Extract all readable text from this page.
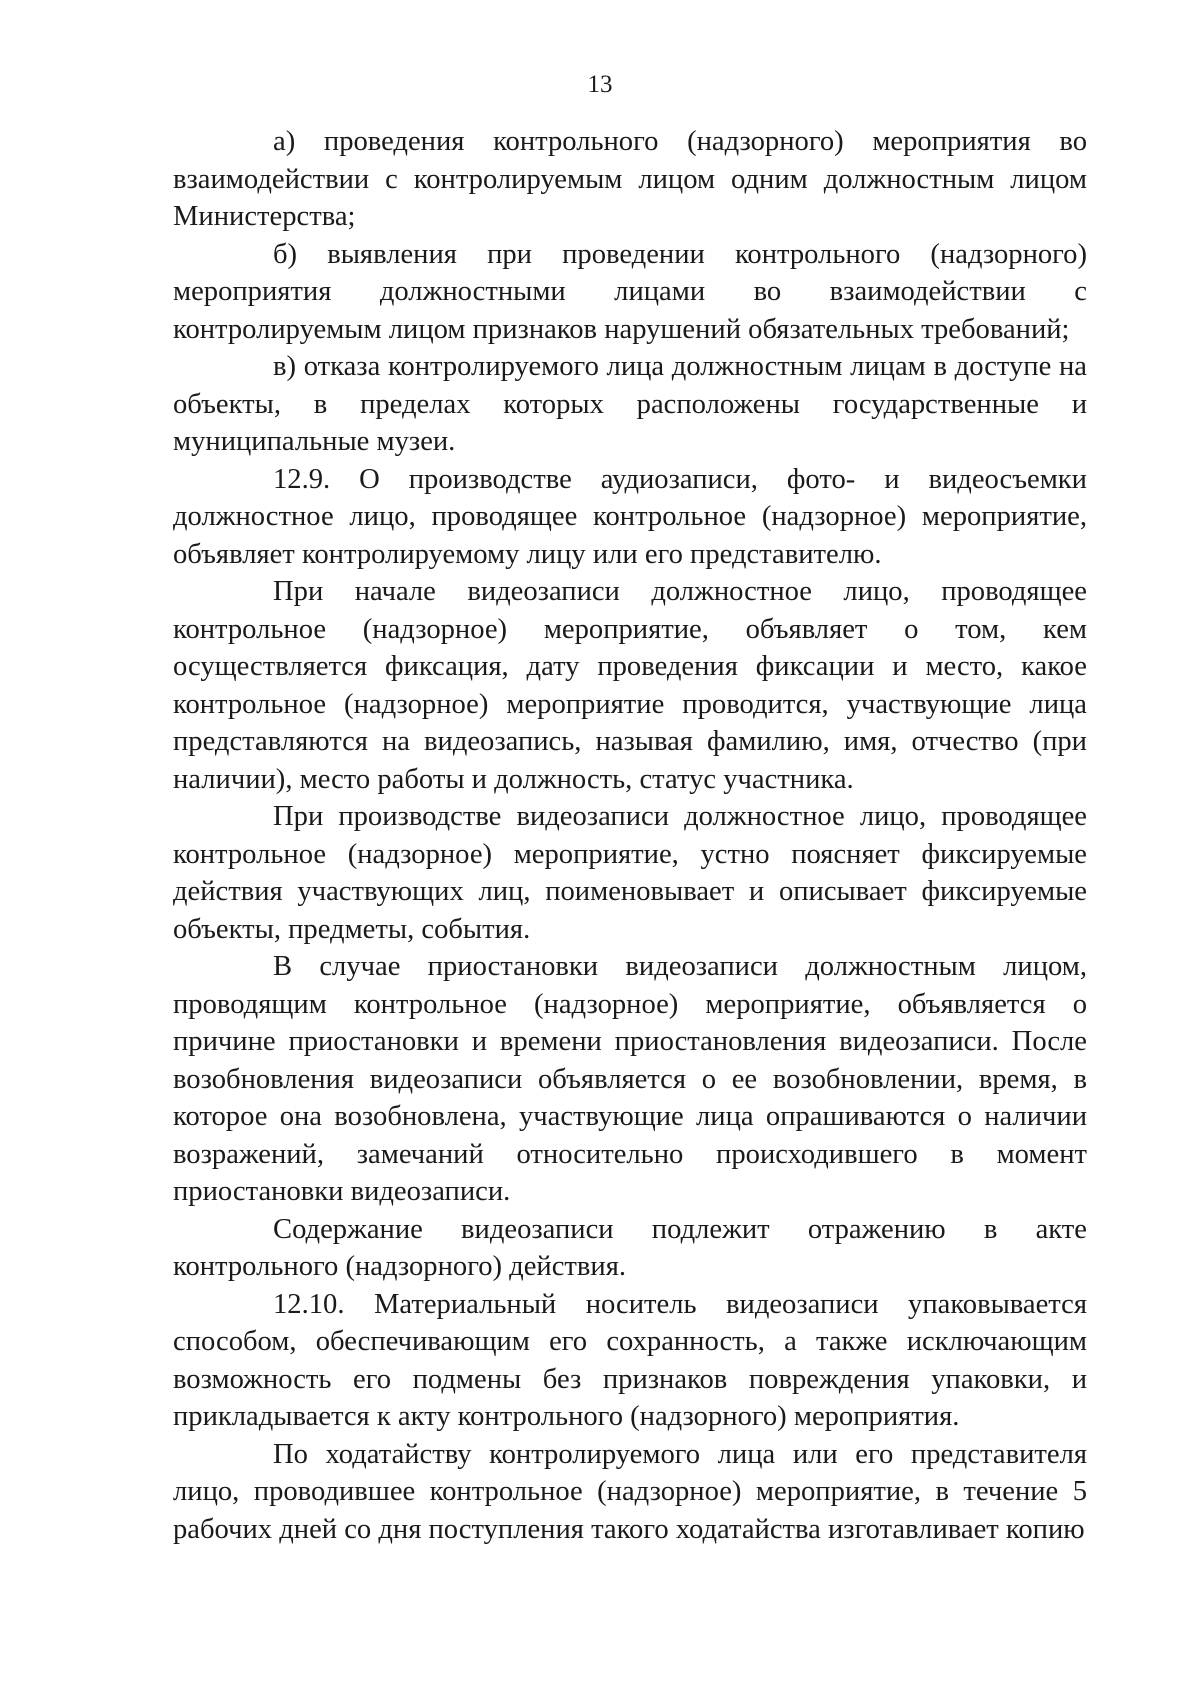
13

а) проведения контрольного (надзорного) мероприятия во взаимодействии с контролируемым лицом одним должностным лицом Министерства;

б) выявления при проведении контрольного (надзорного) мероприятия должностными лицами во взаимодействии с контролируемым лицом признаков нарушений обязательных требований;

в) отказа контролируемого лица должностным лицам в доступе на объекты, в пределах которых расположены государственные и муниципальные музеи.

12.9. О производстве аудиозаписи, фото- и видеосъемки должностное лицо, проводящее контрольное (надзорное) мероприятие, объявляет контролируемому лицу или его представителю.

При начале видеозаписи должностное лицо, проводящее контрольное (надзорное) мероприятие, объявляет о том, кем осуществляется фиксация, дату проведения фиксации и место, какое контрольное (надзорное) мероприятие проводится, участвующие лица представляются на видеозапись, называя фамилию, имя, отчество (при наличии), место работы и должность, статус участника.

При производстве видеозаписи должностное лицо, проводящее контрольное (надзорное) мероприятие, устно поясняет фиксируемые действия участвующих лиц, поименовывает и описывает фиксируемые объекты, предметы, события.

В случае приостановки видеозаписи должностным лицом, проводящим контрольное (надзорное) мероприятие, объявляется о причине приостановки и времени приостановления видеозаписи. После возобновления видеозаписи объявляется о ее возобновлении, время, в которое она возобновлена, участвующие лица опрашиваются о наличии возражений, замечаний относительно происходившего в момент приостановки видеозаписи.

Содержание видеозаписи подлежит отражению в акте контрольного (надзорного) действия.

12.10. Материальный носитель видеозаписи упаковывается способом, обеспечивающим его сохранность, а также исключающим возможность его подмены без признаков повреждения упаковки, и прикладывается к акту контрольного (надзорного) мероприятия.

По ходатайству контролируемого лица или его представителя лицо, проводившее контрольное (надзорное) мероприятие, в течение 5 рабочих дней со дня поступления такого ходатайства изготавливает копию
